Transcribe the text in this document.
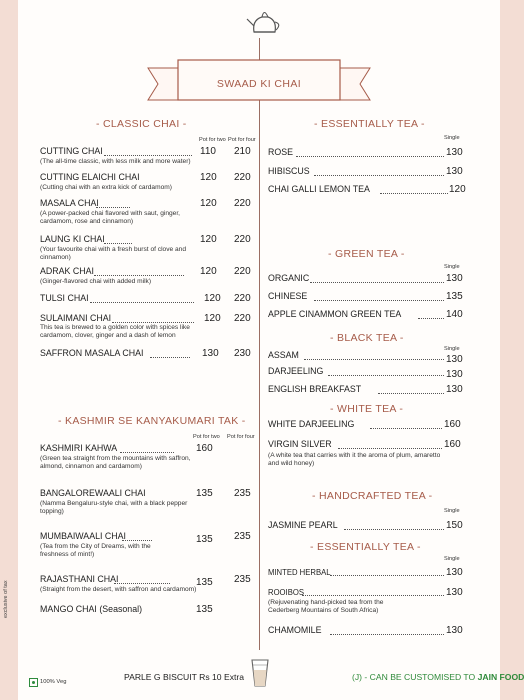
SWAAD KI CHAI
- CLASSIC CHAI -
Pot for two Pot for four
CUTTING CHAI	110 210
(The all-time classic, with less milk and more water)
CUTTING ELAICHI CHAI	120 220
(Cutting chai with an extra kick of cardamom)
MASALA CHAI	120 220
(A power-packed chai flavored with saut, ginger, cardamom, rose and cinnamon)
LAUNG KI CHAI	120 220
(Your favourite chai with a fresh burst of clove and cinnamon)
ADRAK CHAI	120 220
(Ginger-flavored chai with added milk)
TULSI CHAI	120 220
SULAIMANI CHAI	120 220
This tea is brewed to a golden color with spices like cardamom, clover, ginger and a dash of lemon
SAFFRON MASALA CHAI	130 230
- KASHMIR SE KANYAKUMARI TAK -
Pot for two Pot for four
KASHMIRI KAHWA	160
(Green tea straight from the mountains with saffron, almond, cinnamon and cardamom)
BANGALOREWAALI CHAI	135 235
(Namma Bengaluru-style chai, with a black pepper topping)
MUMBAIWAALI CHAI	135 235
(Tea from the City of Dreams, with the freshness of mint!)
RAJASTHANI CHAI	135 235
(Straight from the desert, with saffron and cardamom)
MANGO CHAI (Seasonal)	135
- ESSENTIALLY TEA -
Single
ROSE	130
HIBISCUS	130
CHAI GALLI LEMON TEA	120
- GREEN TEA -
Single
ORGANIC	130
CHINESE	135
APPLE CINAMMON GREEN TEA	140
- BLACK TEA -
Single
ASSAM	130
DARJEELING	130
ENGLISH BREAKFAST	130
- WHITE TEA -
WHITE DARJEELING	160
VIRGIN SILVER	160
(A white tea that carries with it the aroma of plum, amaretto and wild honey)
- HANDCRAFTED TEA -
Single
JASMINE PEARL	150
- ESSENTIALLY TEA -
Single
MINTED HERBAL	130
ROOIBOS	130
(Rejuvenating hand-picked tea from the Cederberg Mountains of South Africa)
CHAMOMILE	130
exclusive of tax
100% Veg	PARLE G BISCUIT Rs 10 Extra	(J) - CAN BE CUSTOMISED TO JAIN FOOD
